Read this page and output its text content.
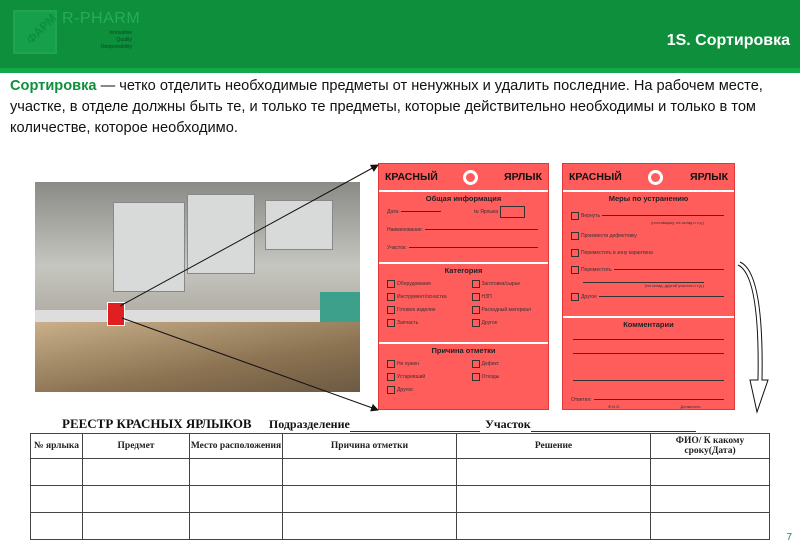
ФАРМ R-PHARM
Innovative
Quality
Responsibility	1S. Сортировка
Сортировка — четко отделить необходимые предметы от ненужных и удалить последние. На рабочем месте, участке, в отделе должны быть те, и только те предметы, которые действительно необходимы и только в том количестве, которое необходимо.
КРАСНЫЙ	ЯРЛЫК
Общая информация
Дата:	№ Ярлыка
Наименование:
Участок:
Категория
Оборудование	Заготовка/сырье
Инструмент/оснастка	НЗП
Готовое изделие	Расходный материал
Запчасть	Другое
Причина отметки
Не нужен	Дефект
Устаревший	Отходы
Другое
КРАСНЫЙ	ЯРЛЫК
Меры по устранению
Вернуть
(поставщику, на склад и т.д.)
Произвести дефектовку
Переместить в зону карантина
Переместить
(на склад, другой участок и т.д.)
Другое
Комментарии
Ответил:
Ф.И.О.	Должность
РЕЕСТР КРАСНЫХ ЯРЛЫКОВ Подразделение	Участок
№ ярлыка	Предмет	Место расположения	Причина отметки	Решение	ФИО/ К какому сроку(Дата)

7
